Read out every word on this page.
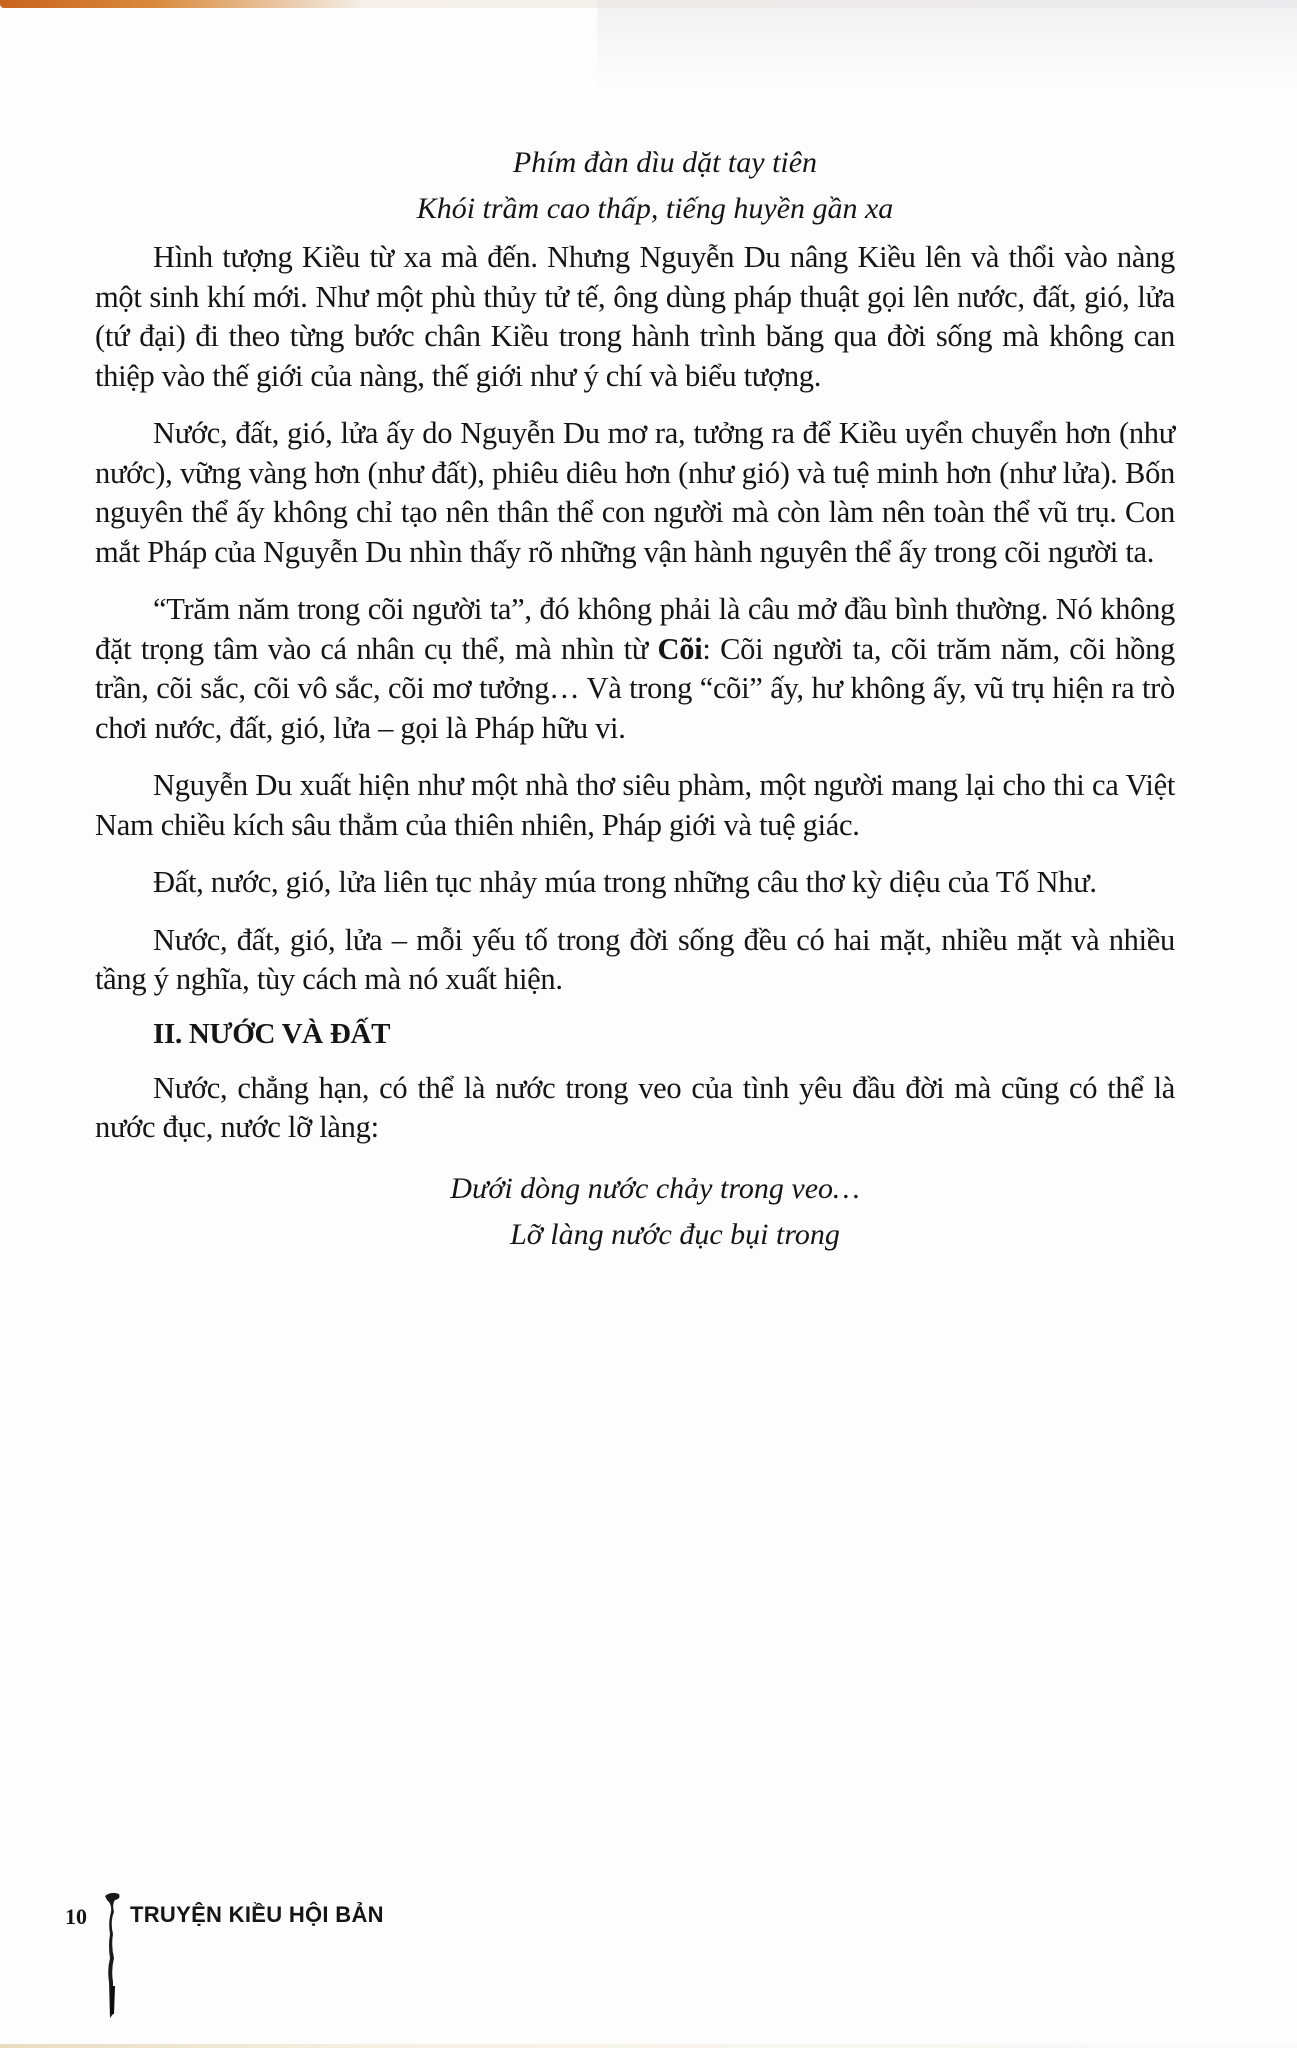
Phím đàn dìu dặt tay tiên

Khói trầm cao thấp, tiếng huyền gần xa

Hình tượng Kiều từ xa mà đến. Nhưng Nguyễn Du nâng Kiều lên và thổi vào nàng một sinh khí mới. Như một phù thủy tử tế, ông dùng pháp thuật gọi lên nước, đất, gió, lửa (tứ đại) đi theo từng bước chân Kiều trong hành trình băng qua đời sống mà không can thiệp vào thế giới của nàng, thế giới như ý chí và biểu tượng.

Nước, đất, gió, lửa ấy do Nguyễn Du mơ ra, tưởng ra để Kiều uyển chuyển hơn (như nước), vững vàng hơn (như đất), phiêu diêu hơn (như gió) và tuệ minh hơn (như lửa). Bốn nguyên thể ấy không chỉ tạo nên thân thể con người mà còn làm nên toàn thể vũ trụ. Con mắt Pháp của Nguyễn Du nhìn thấy rõ những vận hành nguyên thể ấy trong cõi người ta.

“Trăm năm trong cõi người ta”, đó không phải là câu mở đầu bình thường. Nó không đặt trọng tâm vào cá nhân cụ thể, mà nhìn từ Cõi: Cõi người ta, cõi trăm năm, cõi hồng trần, cõi sắc, cõi vô sắc, cõi mơ tưởng… Và trong “cõi” ấy, hư không ấy, vũ trụ hiện ra trò chơi nước, đất, gió, lửa – gọi là Pháp hữu vi.

Nguyễn Du xuất hiện như một nhà thơ siêu phàm, một người mang lại cho thi ca Việt Nam chiều kích sâu thẳm của thiên nhiên, Pháp giới và tuệ giác.

Đất, nước, gió, lửa liên tục nhảy múa trong những câu thơ kỳ diệu của Tố Như.

Nước, đất, gió, lửa – mỗi yếu tố trong đời sống đều có hai mặt, nhiều mặt và nhiều tầng ý nghĩa, tùy cách mà nó xuất hiện.

II. NƯỚC VÀ ĐẤT

Nước, chẳng hạn, có thể là nước trong veo của tình yêu đầu đời mà cũng có thể là nước đục, nước lỡ làng:

Dưới dòng nước chảy trong veo…

Lỡ làng nước đục bụi trong

10 TRUYỆN KIỀU HỘI BẢN
